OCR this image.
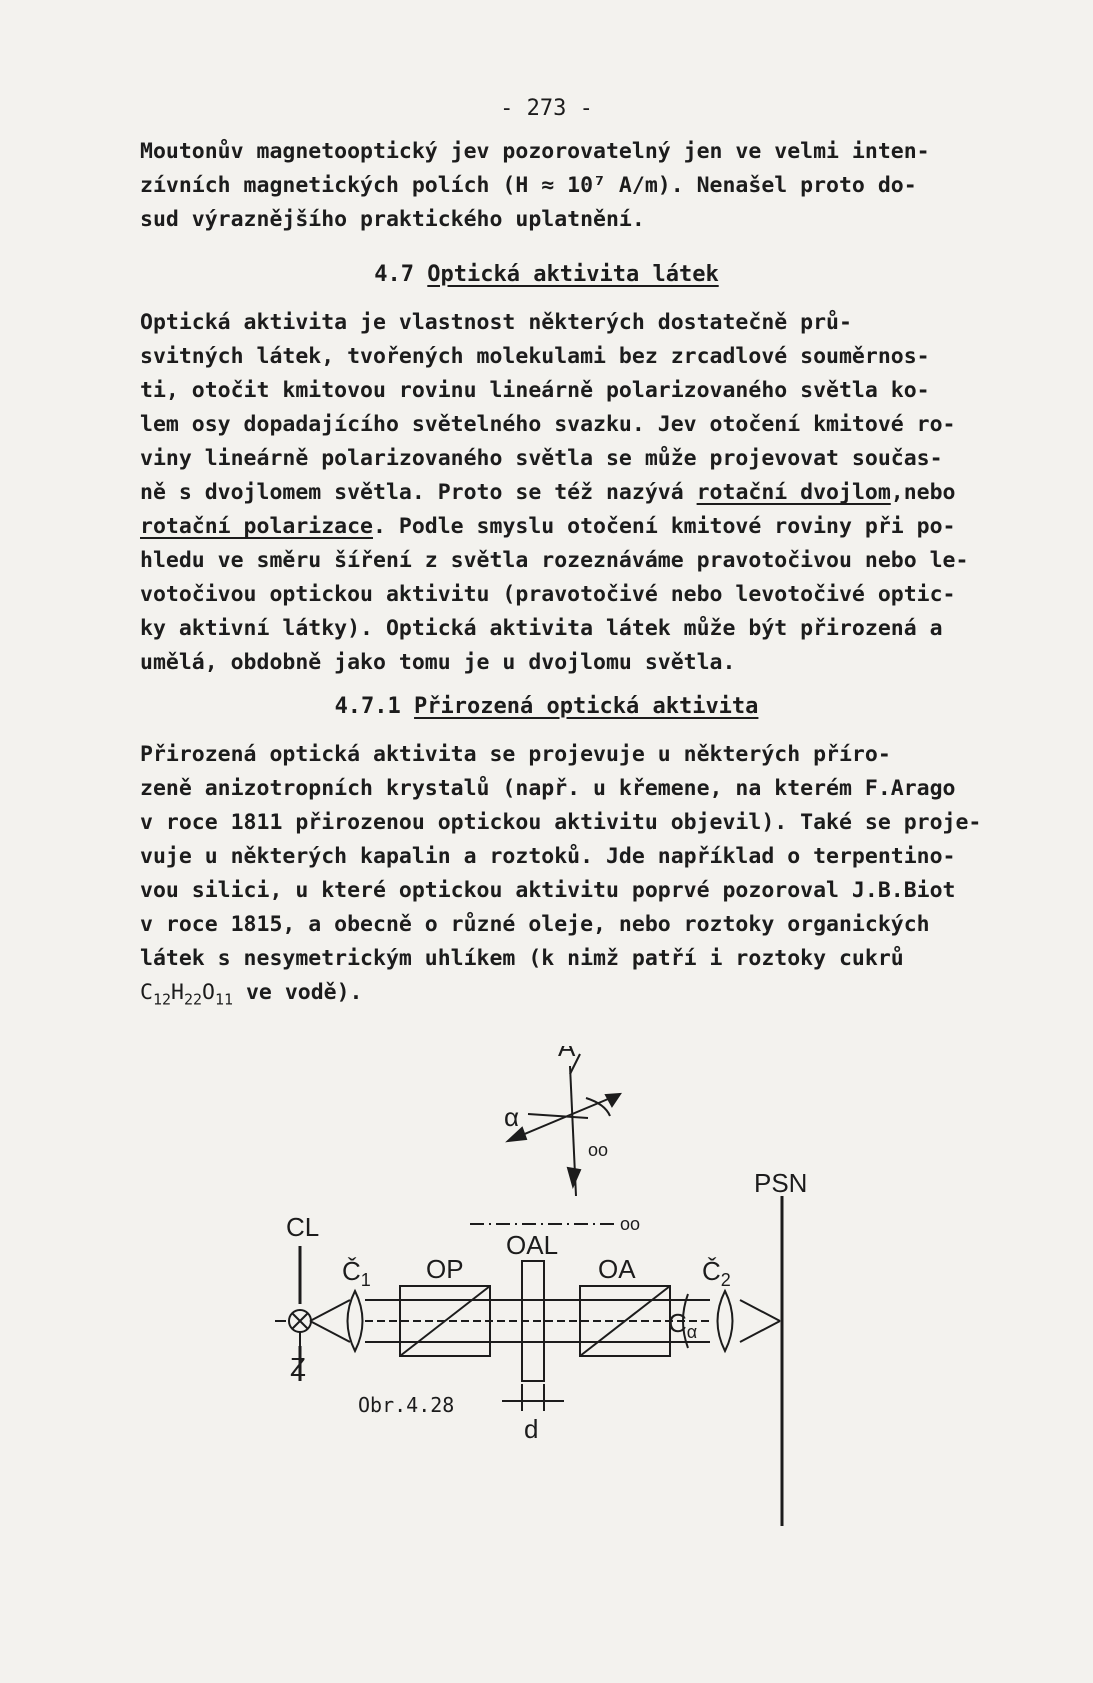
- 273 -
Moutonův magnetooptický jev pozorovatelný jen ve velmi inten-
zívních magnetických polích (H ≈ 10⁷ A/m). Nenašel proto do-
sud výraznějšího praktického uplatnění.
4.7 Optická aktivita látek
Optická aktivita je vlastnost některých dostatečně prů-
svitných látek, tvořených molekulami bez zrcadlové souměrnos-
ti, otočit kmitovou rovinu lineárně polarizovaného světla ko-
lem osy dopadajícího světelného svazku. Jev otočení kmitové ro-
viny lineárně polarizovaného světla se může projevovat součas-
ně s dvojlomem světla. Proto se též nazývá rotační dvojlom,nebo
rotační polarizace. Podle smyslu otočení kmitové roviny při po-
hledu ve směru šíření z světla rozeznáváme pravotočivou nebo le-
votočivou optickou aktivitu (pravotočivé nebo levotočivé optic-
ky aktivní látky). Optická aktivita látek může být přirozená a
umělá, obdobně jako tomu je u dvojlomu světla.
4.7.1 Přirozená optická aktivita
Přirozená optická aktivita se projevuje u některých příro-
zeně anizotropních krystalů (např. u křemene, na kterém F.Arago
v roce 1811 přirozenou optickou aktivitu objevil). Také se proje-
vuje u některých kapalin a roztoků. Jde například o terpentino-
vou silici, u které optickou aktivitu poprvé pozoroval J.B.Biot
v roce 1815, a obecně o různé oleje, nebo roztoky organických
látek s nesymetrickým uhlíkem (k nimž patří i roztoky cukrů
$C_{12}H_{22}O_{11}$ ve vodě).
A
α
oo
oo
PSN
CL
$Č_1$ OP
OAL
OA	$Č_2$
$C_\alpha$
Z
d
Obr.4.28
